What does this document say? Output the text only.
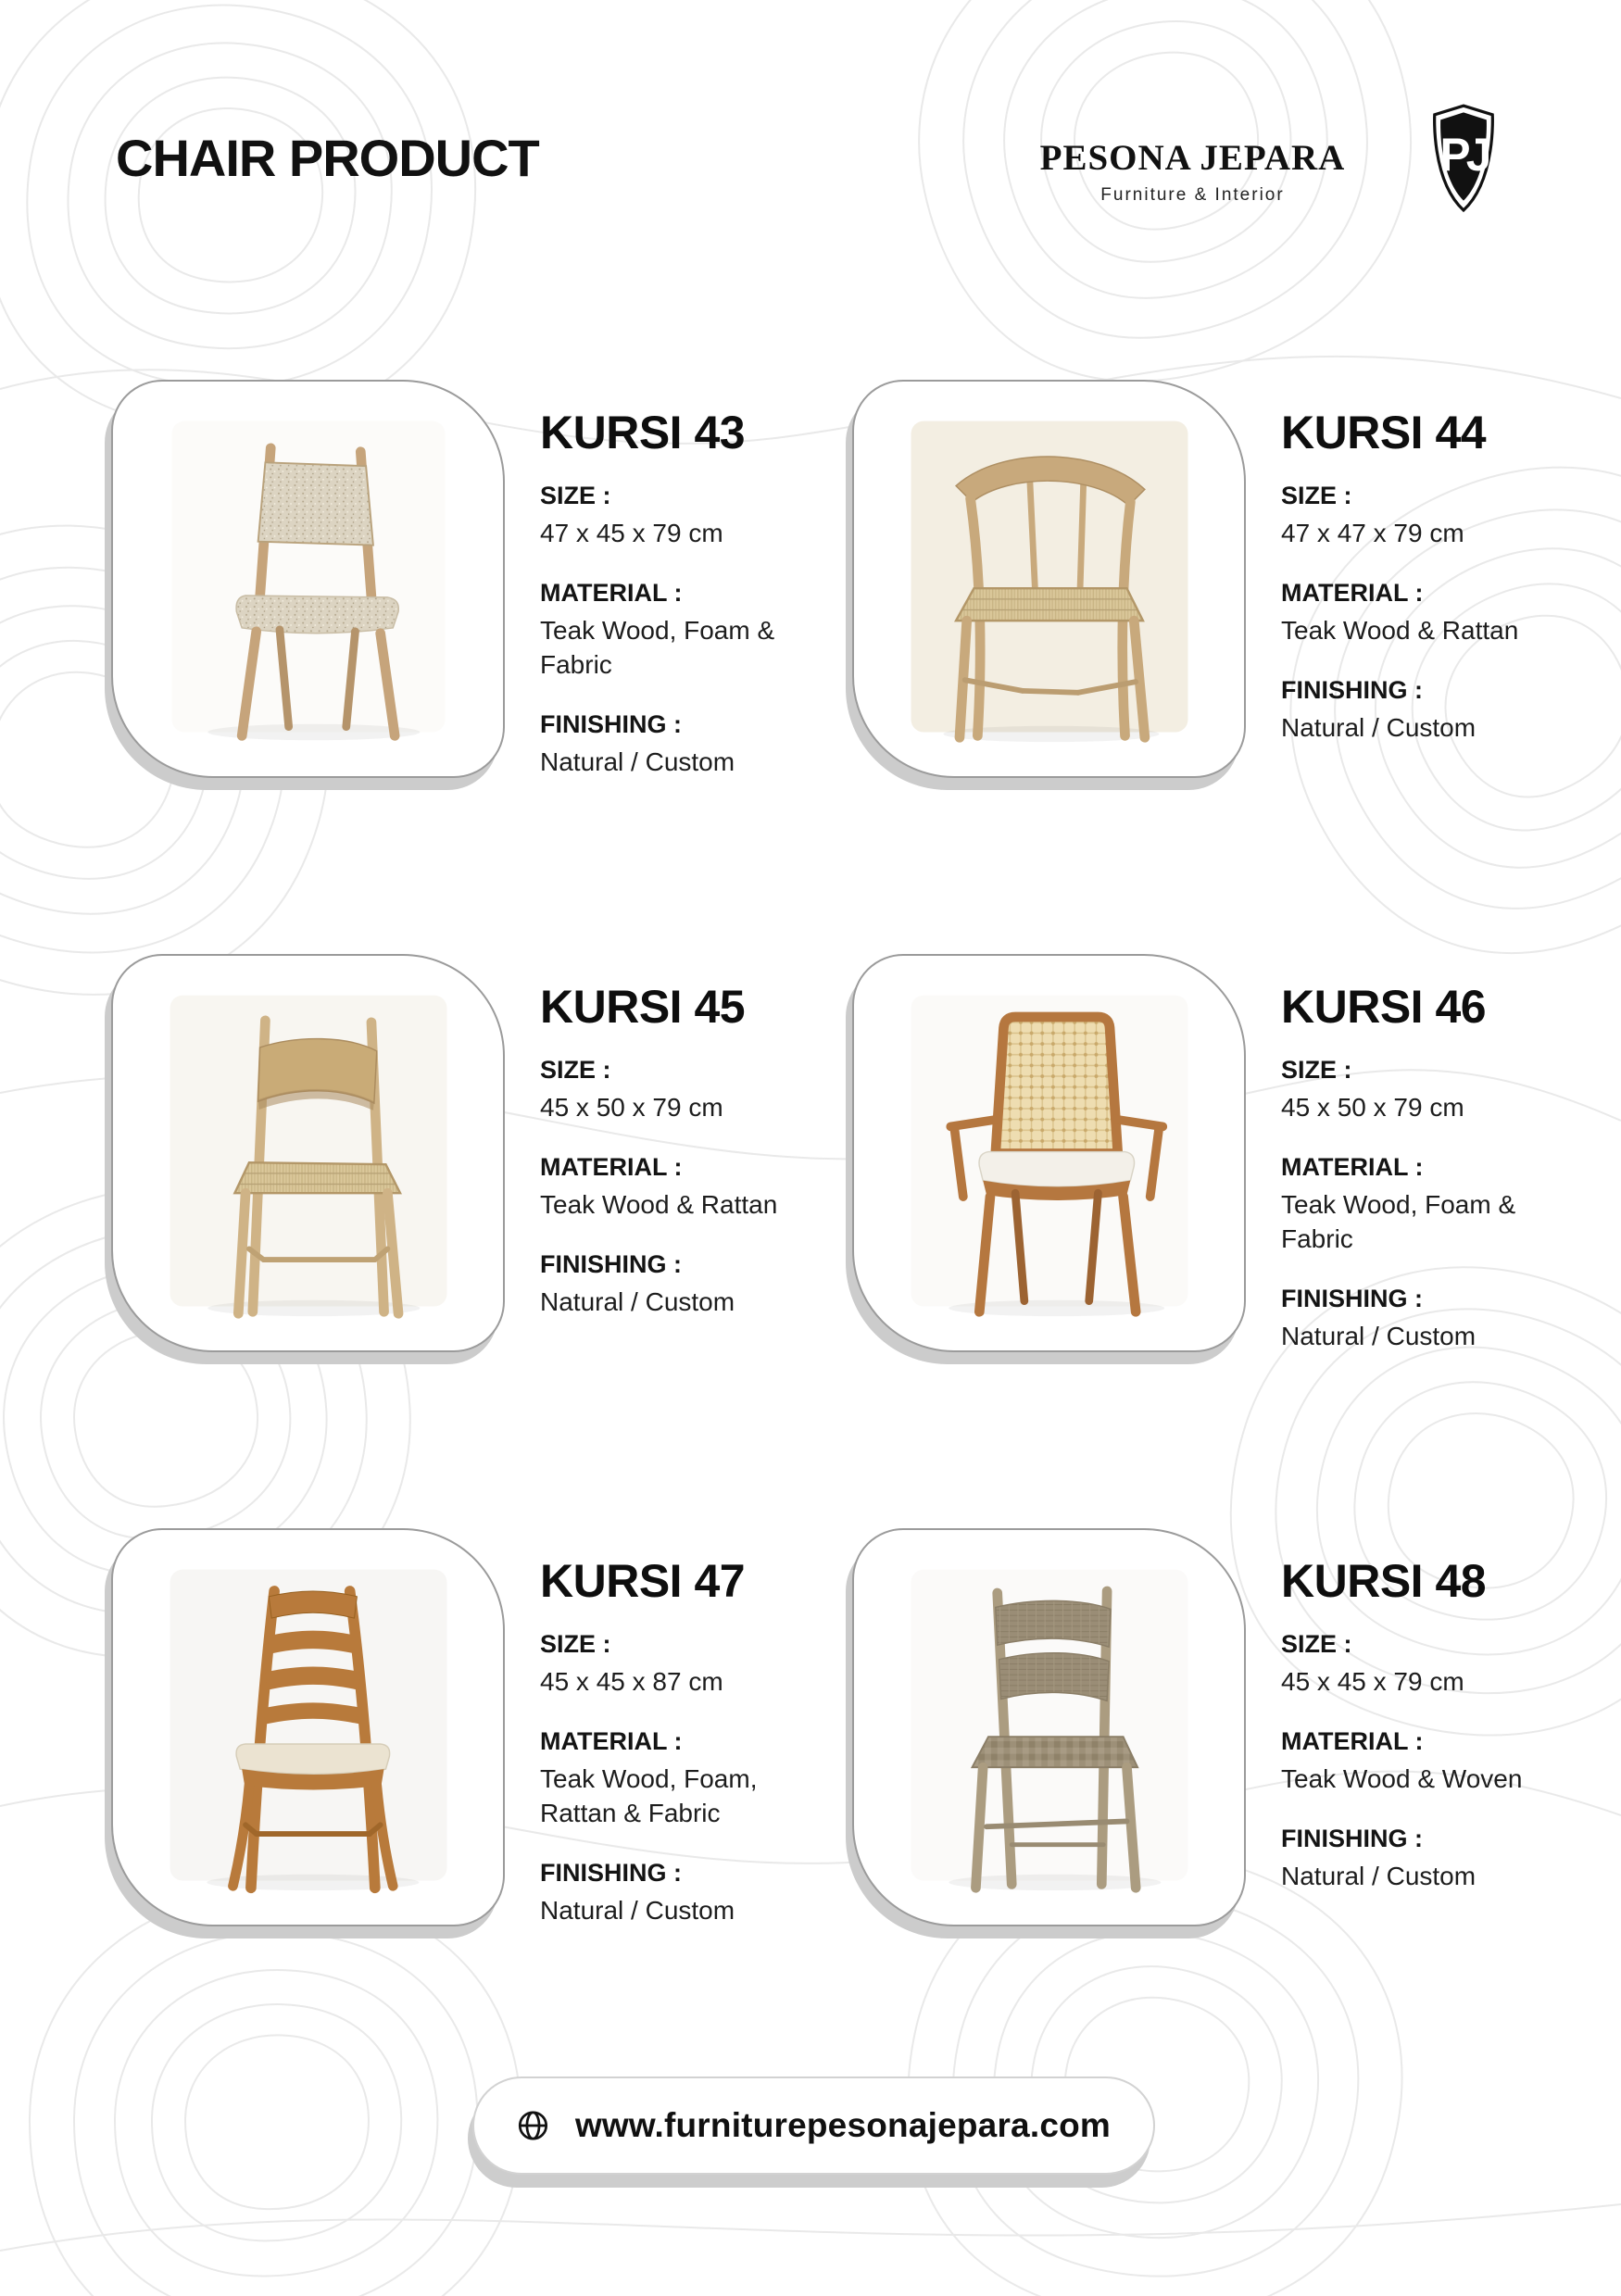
CHAIR PRODUCT	PESONA JEPARA
Furniture & Interior
PJ
KURSI 43
SIZE :
47 x 45 x 79 cm
MATERIAL :
Teak Wood, Foam & Fabric
FINISHING :
Natural / Custom
KURSI 44
SIZE :
47 x 47 x 79 cm
MATERIAL :
Teak Wood & Rattan
FINISHING :
Natural / Custom
KURSI 45
SIZE :
45 x 50 x 79 cm
MATERIAL :
Teak Wood & Rattan
FINISHING :
Natural / Custom
KURSI 46
SIZE :
45 x 50 x 79 cm
MATERIAL :
Teak Wood, Foam & Fabric
FINISHING :
Natural / Custom
KURSI 47
SIZE :
45 x 45 x 87 cm
MATERIAL :
Teak Wood, Foam, Rattan & Fabric
FINISHING :
Natural / Custom
KURSI 48
SIZE :
45 x 45 x 79 cm
MATERIAL :
Teak Wood & Woven
FINISHING :
Natural / Custom
www.furniturepesonajepara.com
